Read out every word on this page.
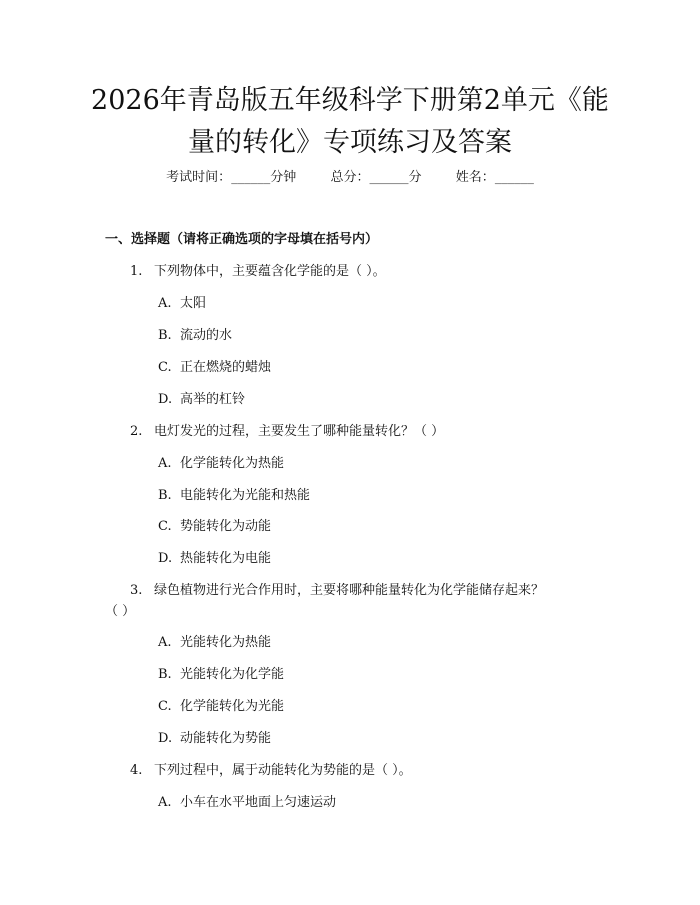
2026年青岛版五年级科学下册第2单元《能量的转化》专项练习及答案
考试时间：______分钟	总分：______分	姓名：______
一、选择题（请将正确选项的字母填在括号内）

1. 下列物体中，主要蕴含化学能的是（ ）。

A. 太阳
B. 流动的水
C. 正在燃烧的蜡烛
D. 高举的杠铃

2. 电灯发光的过程，主要发生了哪种能量转化？（ ）

A. 化学能转化为热能
B. 电能转化为光能和热能
C. 势能转化为动能
D. 热能转化为电能

3. 绿色植物进行光合作用时，主要将哪种能量转化为化学能储存起来？

（ ）
A. 光能转化为热能
B. 光能转化为化学能
C. 化学能转化为光能
D. 动能转化为势能

4. 下列过程中，属于动能转化为势能的是（ ）。

A. 小车在水平地面上匀速运动
